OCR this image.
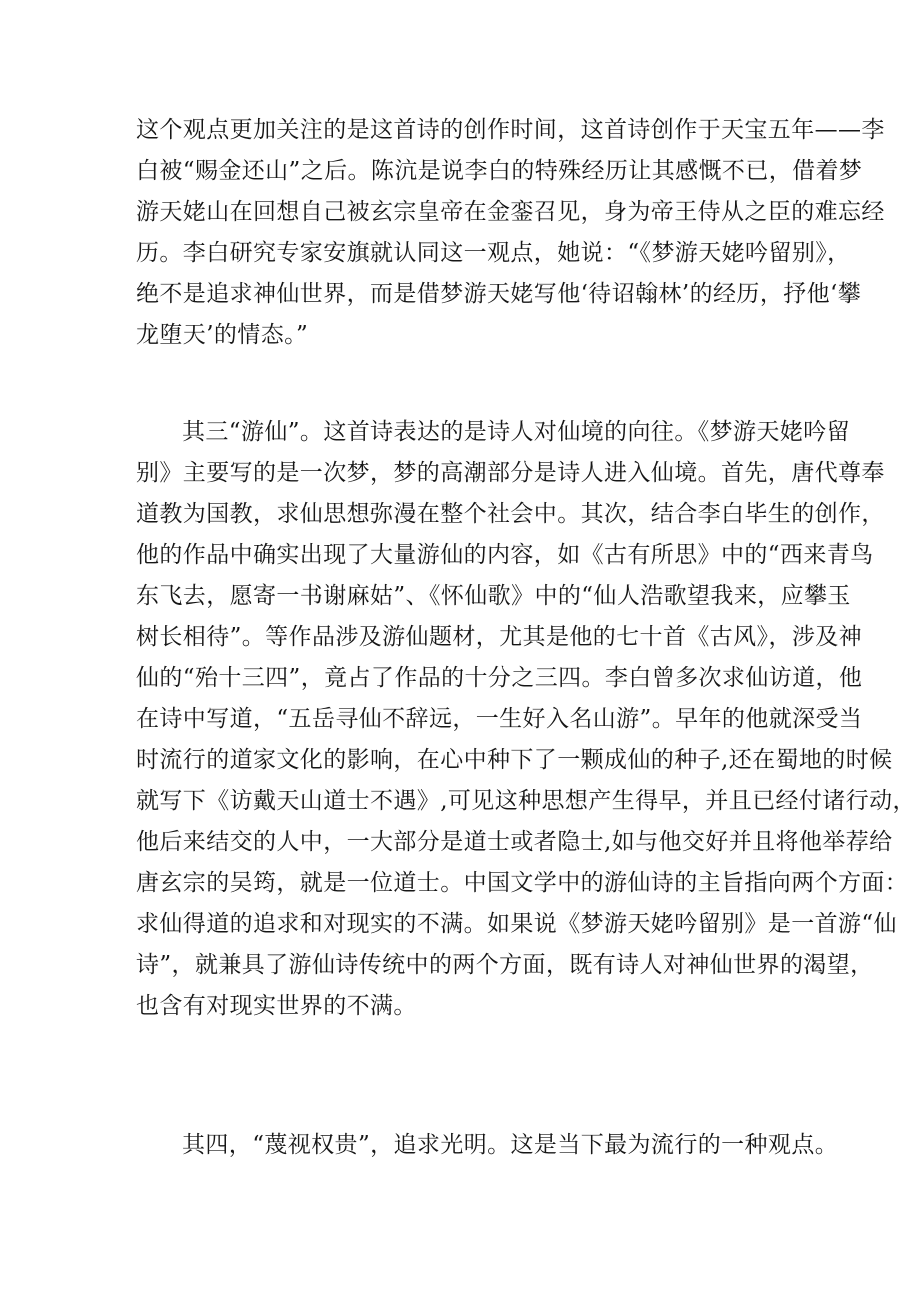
这个观点更加关注的是这首诗的创作时间，这首诗创作于天宝五年——李
白被“赐金还山”之后。陈沆是说李白的特殊经历让其感慨不已，借着梦
游天姥山在回想自己被玄宗皇帝在金銮召见，身为帝王侍从之臣的难忘经
历。李白研究专家安旗就认同这一观点，她说：“《梦游天姥吟留别》，
绝不是追求神仙世界，而是借梦游天姥写他‘待诏翰林’的经历，抒他‘攀
龙堕天’的情态。”
其三“游仙”。这首诗表达的是诗人对仙境的向往。《梦游天姥吟留
别》主要写的是一次梦，梦的高潮部分是诗人进入仙境。首先，唐代尊奉
道教为国教，求仙思想弥漫在整个社会中。其次，结合李白毕生的创作，
他的作品中确实出现了大量游仙的内容，如《古有所思》中的“西来青鸟
东飞去，愿寄一书谢麻姑”、《怀仙歌》中的“仙人浩歌望我来，应攀玉
树长相待”。等作品涉及游仙题材，尤其是他的七十首《古风》，涉及神
仙的“殆十三四”，竟占了作品的十分之三四。李白曾多次求仙访道，他
在诗中写道，“五岳寻仙不辞远，一生好入名山游”。早年的他就深受当
时流行的道家文化的影响，在心中种下了一颗成仙的种子,还在蜀地的时候
就写下《访戴天山道士不遇》,可见这种思想产生得早，并且已经付诸行动，
他后来结交的人中，一大部分是道士或者隐士,如与他交好并且将他举荐给
唐玄宗的吴筠，就是一位道士。中国文学中的游仙诗的主旨指向两个方面：
求仙得道的追求和对现实的不满。如果说《梦游天姥吟留别》是一首游“仙
诗”，就兼具了游仙诗传统中的两个方面，既有诗人对神仙世界的渴望，
也含有对现实世界的不满。
其四，“蔑视权贵”，追求光明。这是当下最为流行的一种观点。
